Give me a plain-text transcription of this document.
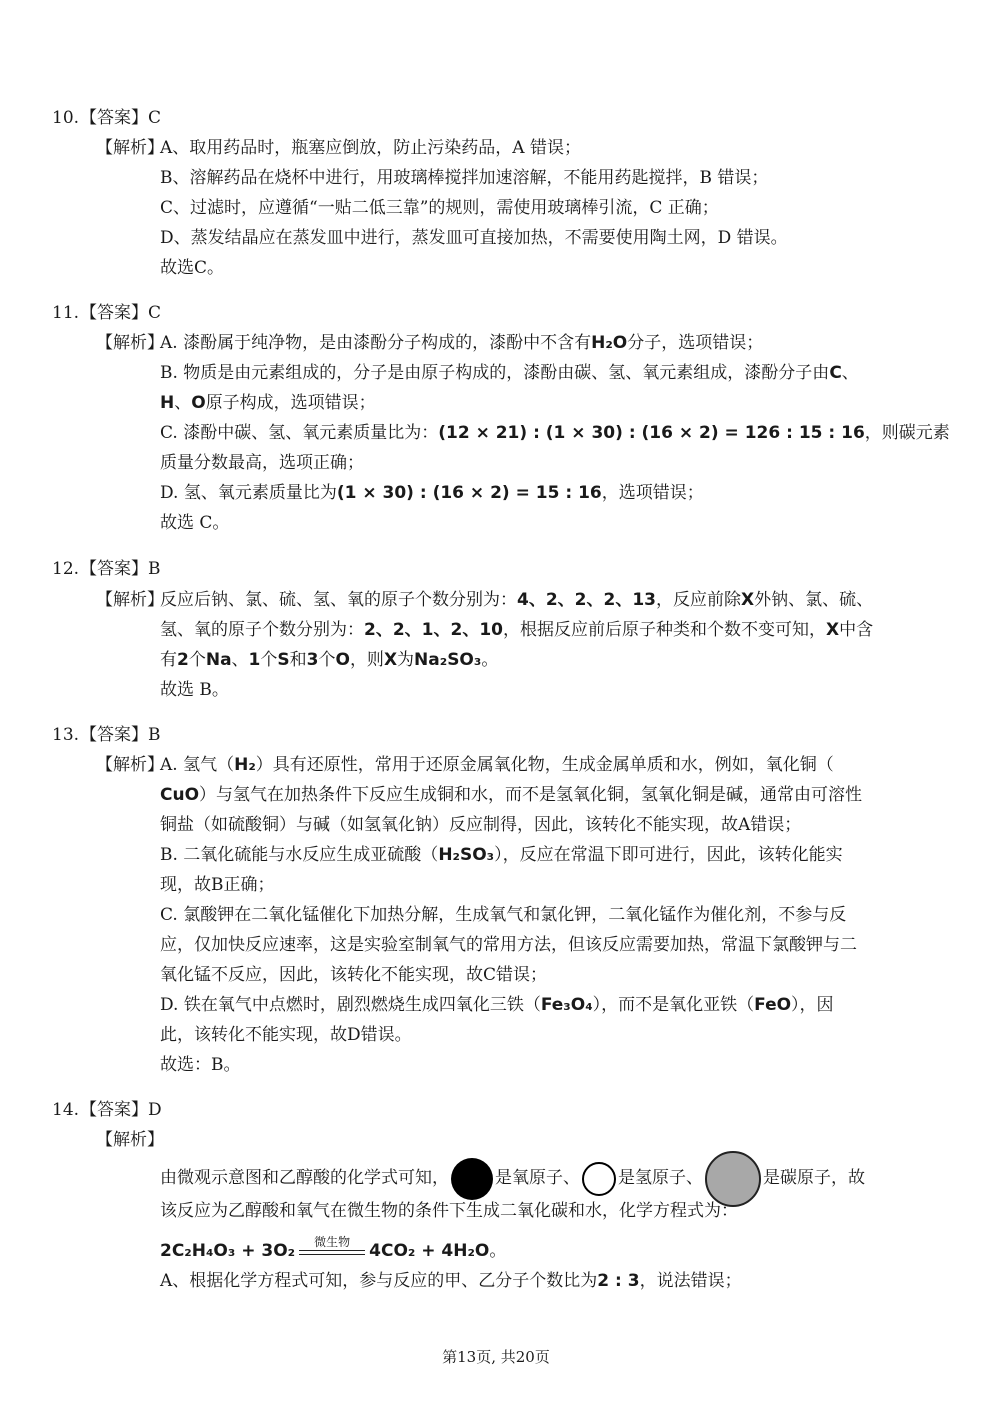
10. 【答案】C
【解析】
A、取用药品时，瓶塞应倒放，防止污染药品，A 错误；
B、溶解药品在烧杯中进行，用玻璃棒搅拌加速溶解，不能用药匙搅拌，B 错误；
C、过滤时，应遵循“一贴二低三靠”的规则，需使用玻璃棒引流，C 正确；
D、蒸发结晶应在蒸发皿中进行，蒸发皿可直接加热，不需要使用陶土网，D 错误。
故选C。
11. 【答案】C
【解析】
A. 漆酚属于纯净物，是由漆酚分子构成的，漆酚中不含有H₂O分子，选项错误；
B. 物质是由元素组成的，分子是由原子构成的，漆酚由碳、氢、氧元素组成，漆酚分子由C、
H、O原子构成，选项错误；
C. 漆酚中碳、氢、氧元素质量比为：(12 × 21) : (1 × 30) : (16 × 2) = 126 : 15 : 16，则碳元素
质量分数最高，选项正确；
D. 氢、氧元素质量比为(1 × 30) : (16 × 2) = 15 : 16，选项错误；
故选 C。
12. 【答案】B
【解析】
反应后钠、氯、硫、氢、氧的原子个数分别为：4、2、2、2、13，反应前除X外钠、氯、硫、
氢、氧的原子个数分别为：2、2、1、2、10，根据反应前后原子种类和个数不变可知，X中含
有2个Na、1个S和3个O，则X为Na₂SO₃。
故选 B。
13. 【答案】B
【解析】
A. 氢气（H₂）具有还原性，常用于还原金属氧化物，生成金属单质和水，例如，氧化铜（
CuO）与氢气在加热条件下反应生成铜和水，而不是氢氧化铜，氢氧化铜是碱，通常由可溶性
铜盐（如硫酸铜）与碱（如氢氧化钠）反应制得，因此，该转化不能实现，故A错误；
B. 二氧化硫能与水反应生成亚硫酸（H₂SO₃），反应在常温下即可进行，因此，该转化能实
现，故B正确；
C. 氯酸钾在二氧化锰催化下加热分解，生成氧气和氯化钾，二氧化锰作为催化剂，不参与反
应，仅加快反应速率，这是实验室制氧气的常用方法，但该反应需要加热，常温下氯酸钾与二
氧化锰不反应，因此，该转化不能实现，故C错误；
D. 铁在氧气中点燃时，剧烈燃烧生成四氧化三铁（Fe₃O₄），而不是氧化亚铁（FeO），因
此，该转化不能实现，故D错误。
故选：B。
14. 【答案】D
【解析】
由微观示意图和乙醇酸的化学式可知，	是氧原子、 是氢原子、	是碳原子，故
该反应为乙醇酸和氧气在微生物的条件下生成二氧化碳和水，化学方程式为：
2C₂H₄O₃ + 3O₂	微生物	4CO₂ + 4H₂O。
A、根据化学方程式可知，参与反应的甲、乙分子个数比为2 : 3，说法错误；
第13页, 共20页
